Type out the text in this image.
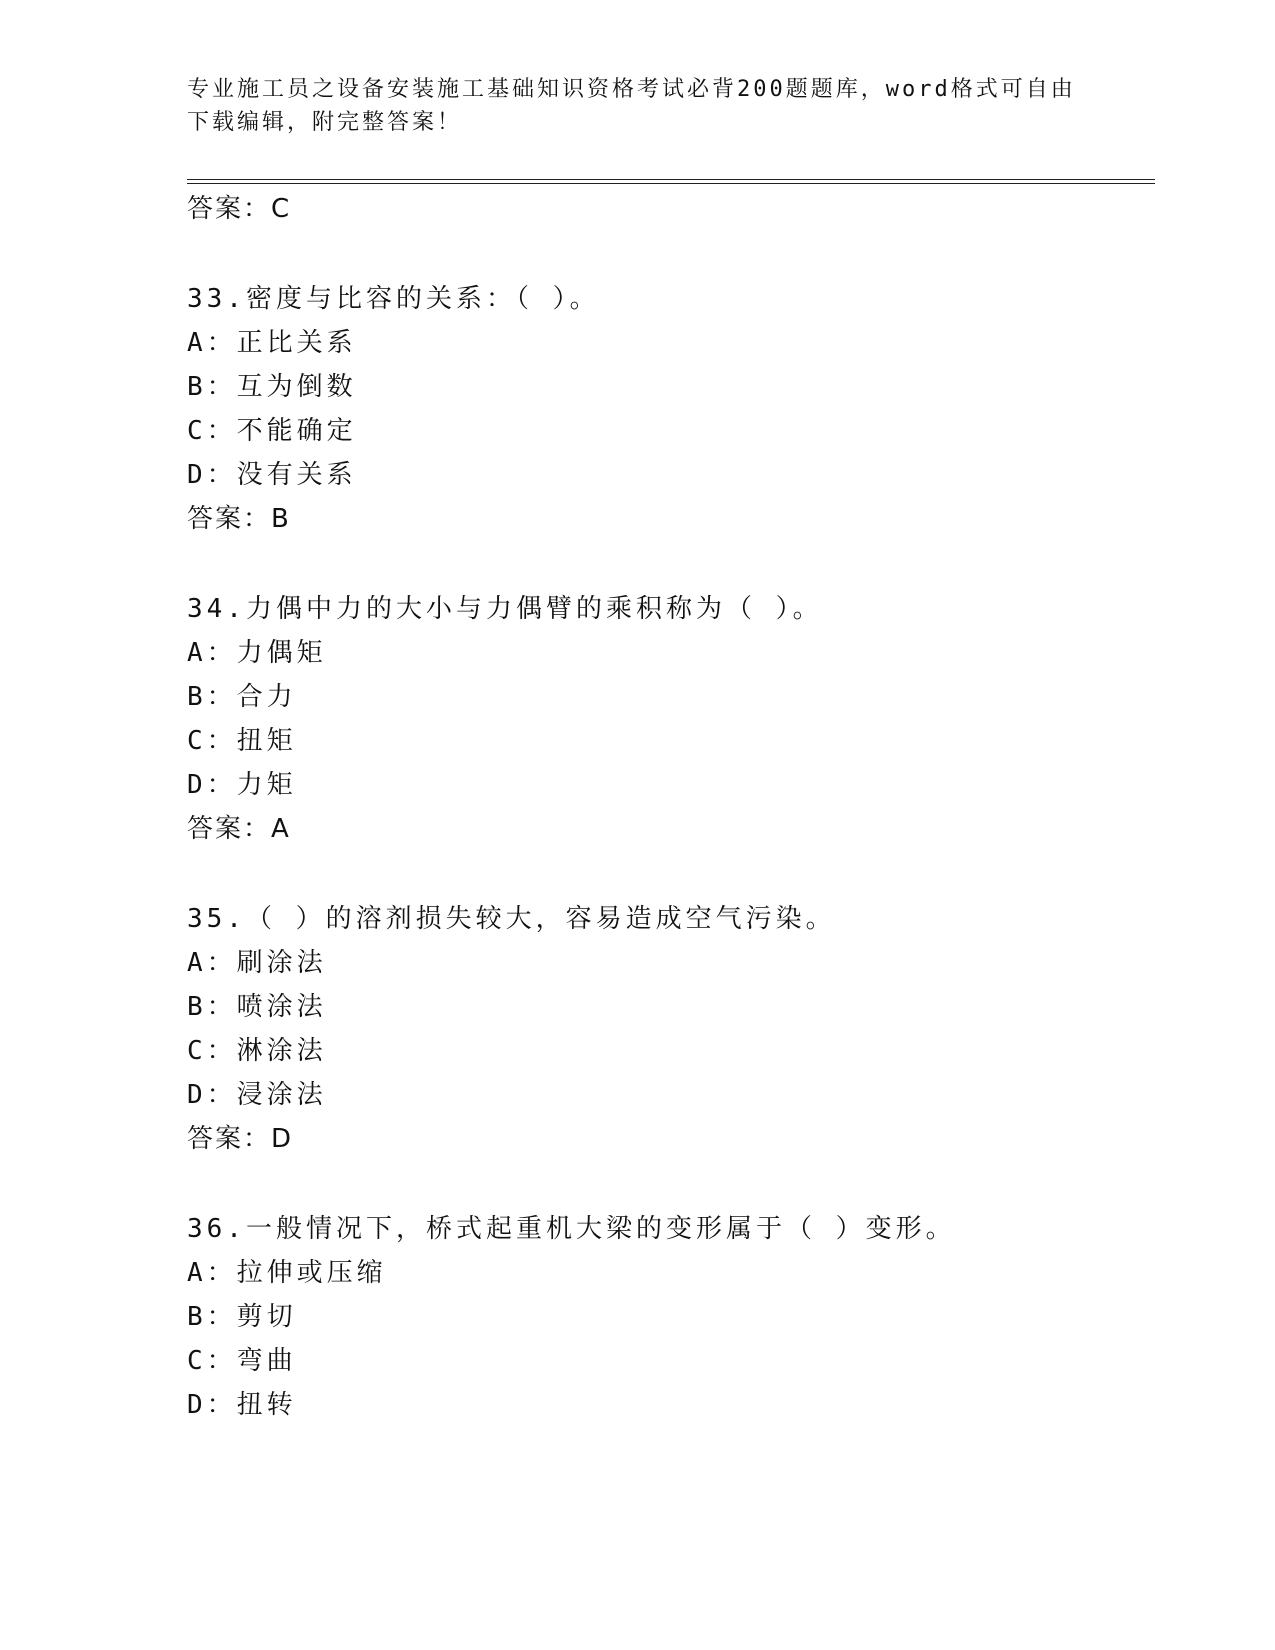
专业施工员之设备安装施工基础知识资格考试必背200题题库，word格式可自由
下载编辑，附完整答案！
答案：C
33.密度与比容的关系：（ ）。
A：正比关系
B：互为倒数
C：不能确定
D：没有关系
答案：B
34.力偶中力的大小与力偶臂的乘积称为（ ）。
A：力偶矩
B：合力
C：扭矩
D：力矩
答案：A
35.（ ）的溶剂损失较大，容易造成空气污染。
A：刷涂法
B：喷涂法
C：淋涂法
D：浸涂法
答案：D
36.一般情况下，桥式起重机大梁的变形属于（ ）变形。
A：拉伸或压缩
B：剪切
C：弯曲
D：扭转
